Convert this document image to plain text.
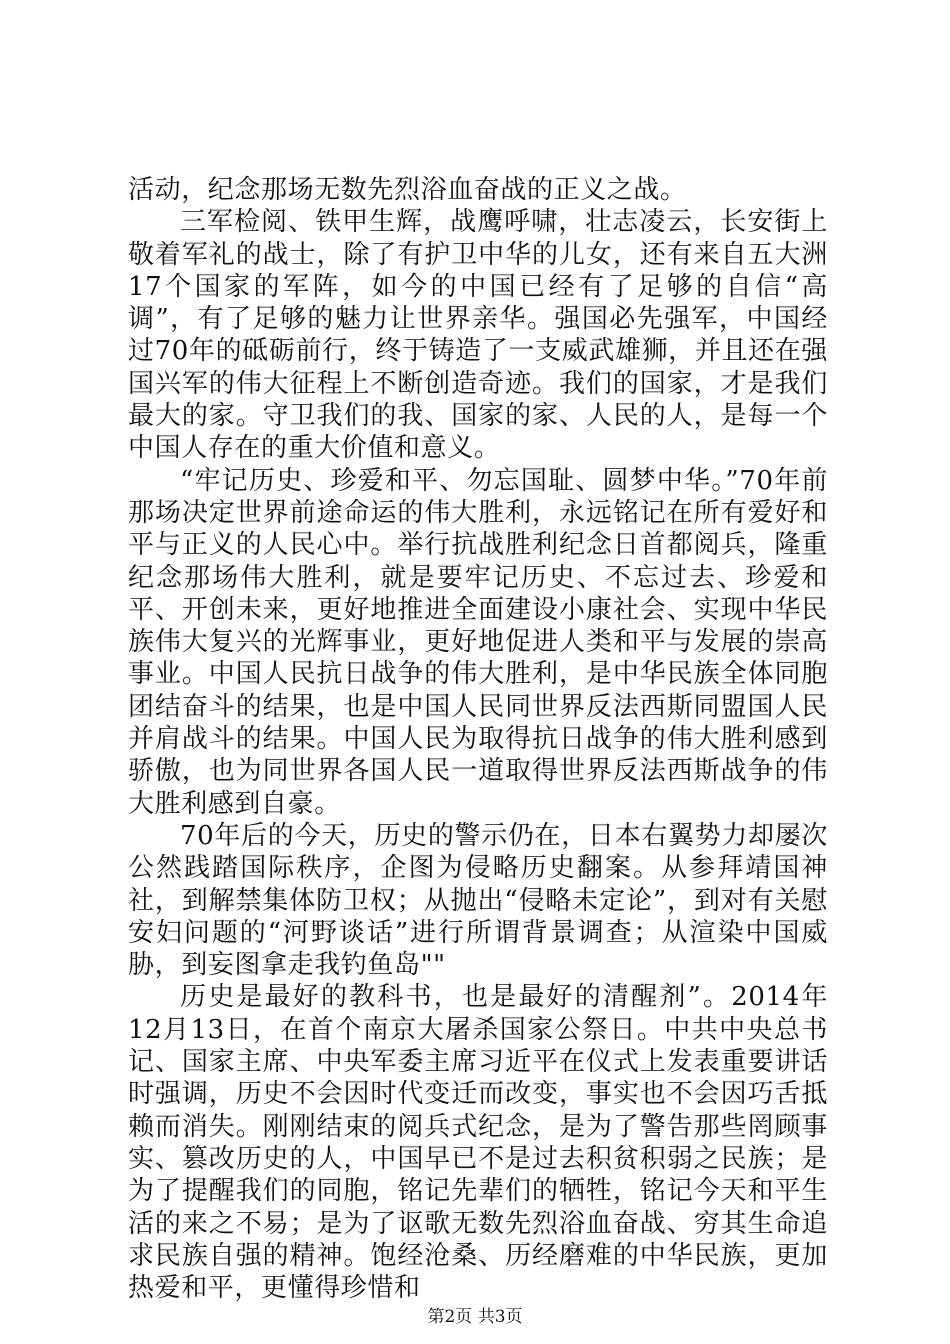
活动，纪念那场无数先烈浴血奋战的正义之战。

三军检阅、铁甲生辉，战鹰呼啸，壮志凌云，长安街上敬着军礼的战士，除了有护卫中华的儿女，还有来自五大洲17个国家的军阵，如今的中国已经有了足够的自信“高调”，有了足够的魅力让世界亲华。强国必先强军，中国经过70年的砥砺前行，终于铸造了一支威武雄狮，并且还在强国兴军的伟大征程上不断创造奇迹。我们的国家，才是我们最大的家。守卫我们的我、国家的家、人民的人，是每一个中国人存在的重大价值和意义。

“牢记历史、珍爱和平、勿忘国耻、圆梦中华。”70年前那场决定世界前途命运的伟大胜利，永远铭记在所有爱好和平与正义的人民心中。举行抗战胜利纪念日首都阅兵，隆重纪念那场伟大胜利，就是要牢记历史、不忘过去、珍爱和平、开创未来，更好地推进全面建设小康社会、实现中华民族伟大复兴的光辉事业，更好地促进人类和平与发展的崇高事业。中国人民抗日战争的伟大胜利，是中华民族全体同胞团结奋斗的结果，也是中国人民同世界反法西斯同盟国人民并肩战斗的结果。中国人民为取得抗日战争的伟大胜利感到骄傲，也为同世界各国人民一道取得世界反法西斯战争的伟大胜利感到自豪。

70年后的今天，历史的警示仍在，日本右翼势力却屡次公然践踏国际秩序，企图为侵略历史翻案。从参拜靖国神社，到解禁集体防卫权；从抛出“侵略未定论”，到对有关慰安妇问题的“河野谈话”进行所谓背景调查；从渲染中国威胁，到妄图拿走我钓鱼岛""

历史是最好的教科书，也是最好的清醒剂”。2014年12月13日，在首个南京大屠杀国家公祭日。中共中央总书记、国家主席、中央军委主席习近平在仪式上发表重要讲话时强调，历史不会因时代变迁而改变，事实也不会因巧舌抵赖而消失。刚刚结束的阅兵式纪念，是为了警告那些罔顾事实、篡改历史的人，中国早已不是过去积贫积弱之民族；是为了提醒我们的同胞，铭记先辈们的牺牲，铭记今天和平生活的来之不易；是为了讴歌无数先烈浴血奋战、穷其生命追求民族自强的精神。饱经沧桑、历经磨难的中华民族，更加热爱和平，更懂得珍惜和

第2页 共3页
